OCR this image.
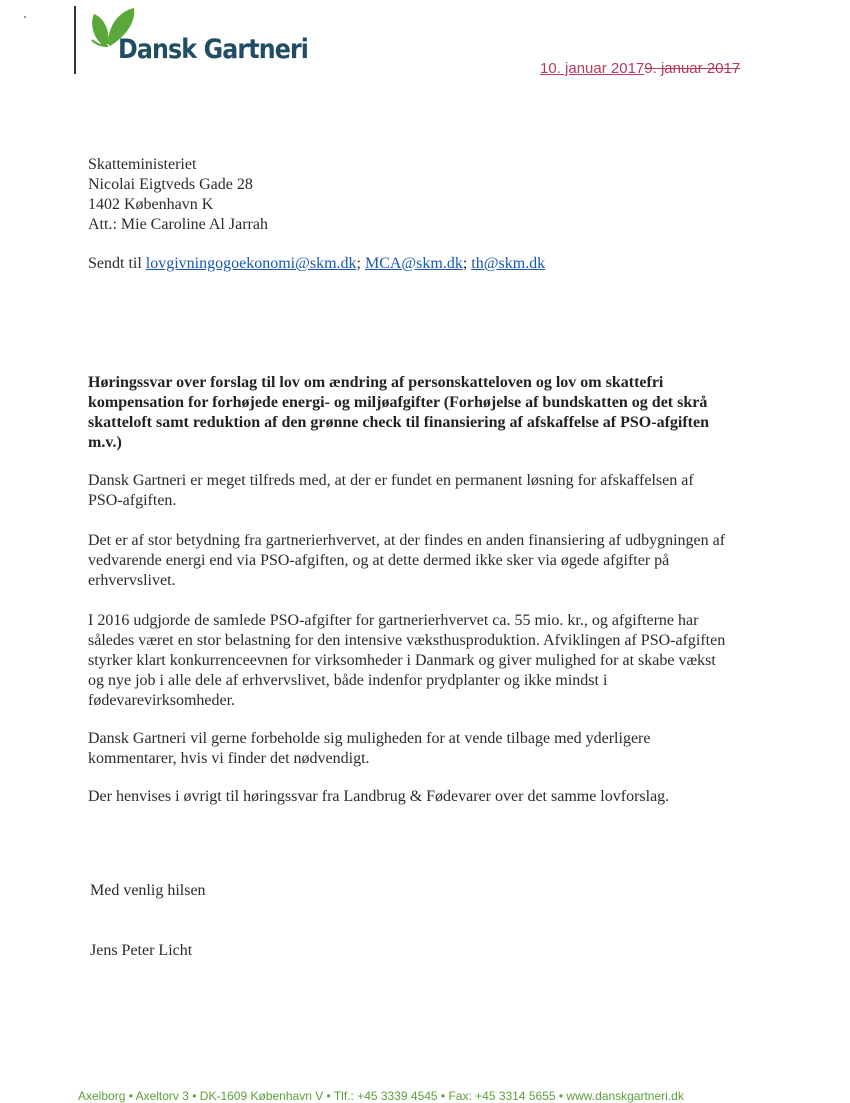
Dansk Gartneri
10. januar 20179. januar 2017
Skatteministeriet
Nicolai Eigtveds Gade 28
1402 København K
Att.: Mie Caroline Al Jarrah
Sendt til lovgivningogoekonomi@skm.dk; MCA@skm.dk; th@skm.dk
Høringssvar over forslag til lov om ændring af personskatteloven og lov om skattefri kompensation for forhøjede energi- og miljøafgifter (Forhøjelse af bundskatten og det skrå skatteloft samt reduktion af den grønne check til finansiering af afskaffelse af PSO-afgiften m.v.)
Dansk Gartneri er meget tilfreds med, at der er fundet en permanent løsning for afskaffelsen af PSO-afgiften.
Det er af stor betydning fra gartnerierhvervet, at der findes en anden finansiering af udbygningen af vedvarende energi end via PSO-afgiften, og at dette dermed ikke sker via øgede afgifter på erhvervslivet.
I 2016 udgjorde de samlede PSO-afgifter for gartnerierhvervet ca. 55 mio. kr., og afgifterne har således været en stor belastning for den intensive væksthusproduktion. Afviklingen af PSO-afgiften styrker klart konkurrenceevnen for virksomheder i Danmark og giver mulighed for at skabe vækst og nye job i alle dele af erhvervslivet, både indenfor prydplanter og ikke mindst i fødevarevirksomheder.
Dansk Gartneri vil gerne forbeholde sig muligheden for at vende tilbage med yderligere kommentarer, hvis vi finder det nødvendigt.
Der henvises i øvrigt til høringssvar fra Landbrug & Fødevarer over det samme lovforslag.
Med venlig hilsen
Jens Peter Licht
Axelborg • Axeltorv 3 • DK-1609 København V • Tlf.: +45 3339 4545 • Fax: +45 3314 5655 • www.danskgartneri.dk
